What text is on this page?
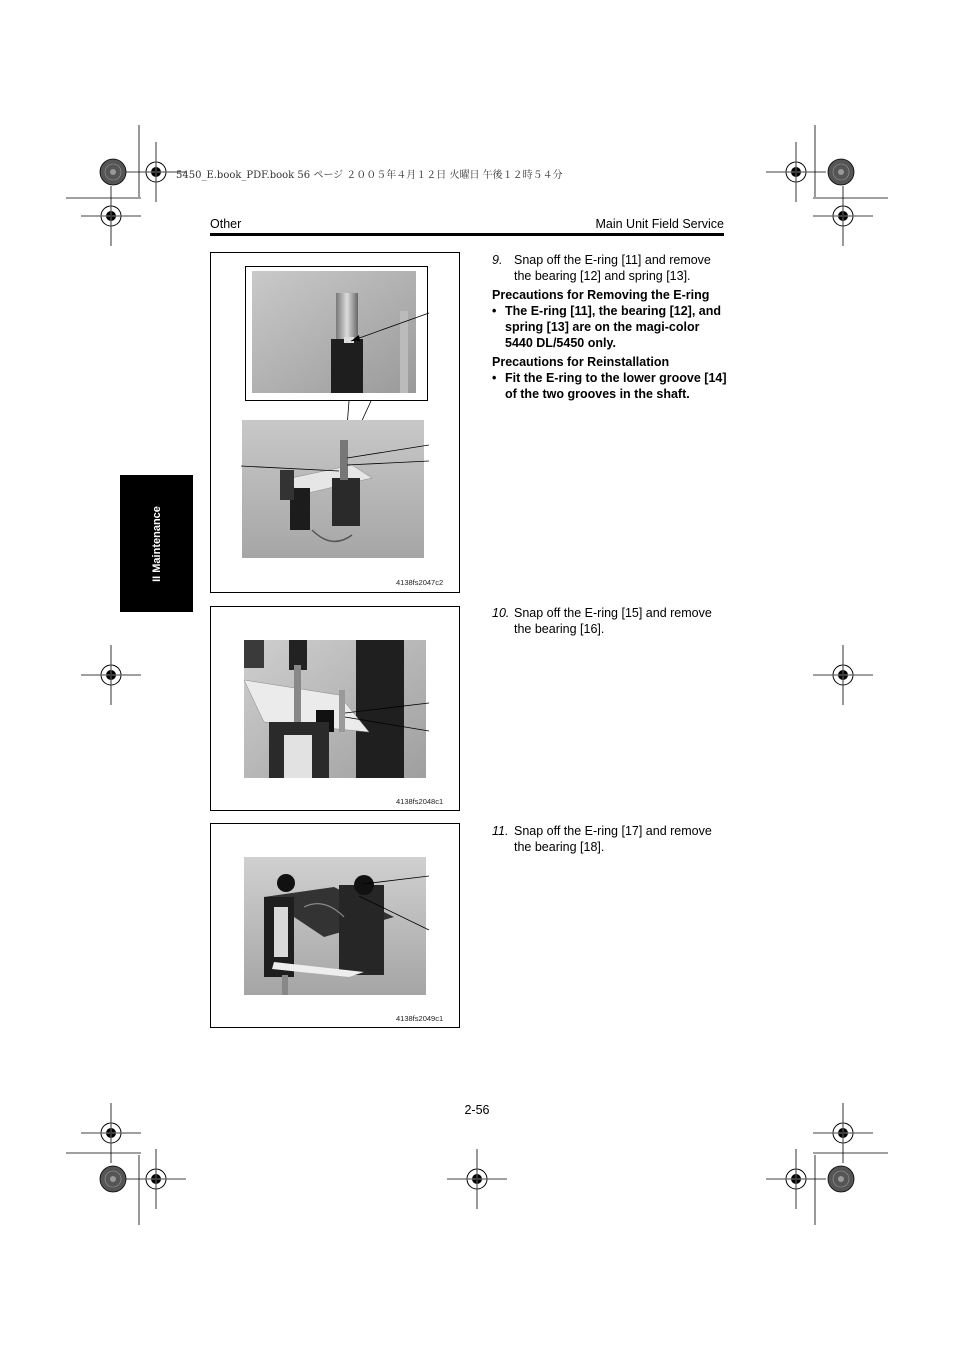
5450_E.book_PDF.book 56 ページ ２００５年４月１２日 火曜日 午後１２時５４分
Other	Main Unit Field Service
II Maintenance
4138fs2047c2
4138fs2048c1
4138fs2049c1
9. Snap off the E-ring [11] and remove the bearing [12] and spring [13].
Precautions for Removing the E-ring
• The E-ring [11], the bearing [12], and spring [13] are on the magi-color 5440 DL/5450 only.
Precautions for Reinstallation
• Fit the E-ring to the lower groove [14] of the two grooves in the shaft.
10. Snap off the E-ring [15] and remove the bearing [16].
11. Snap off the E-ring [17] and remove the bearing [18].
2-56
